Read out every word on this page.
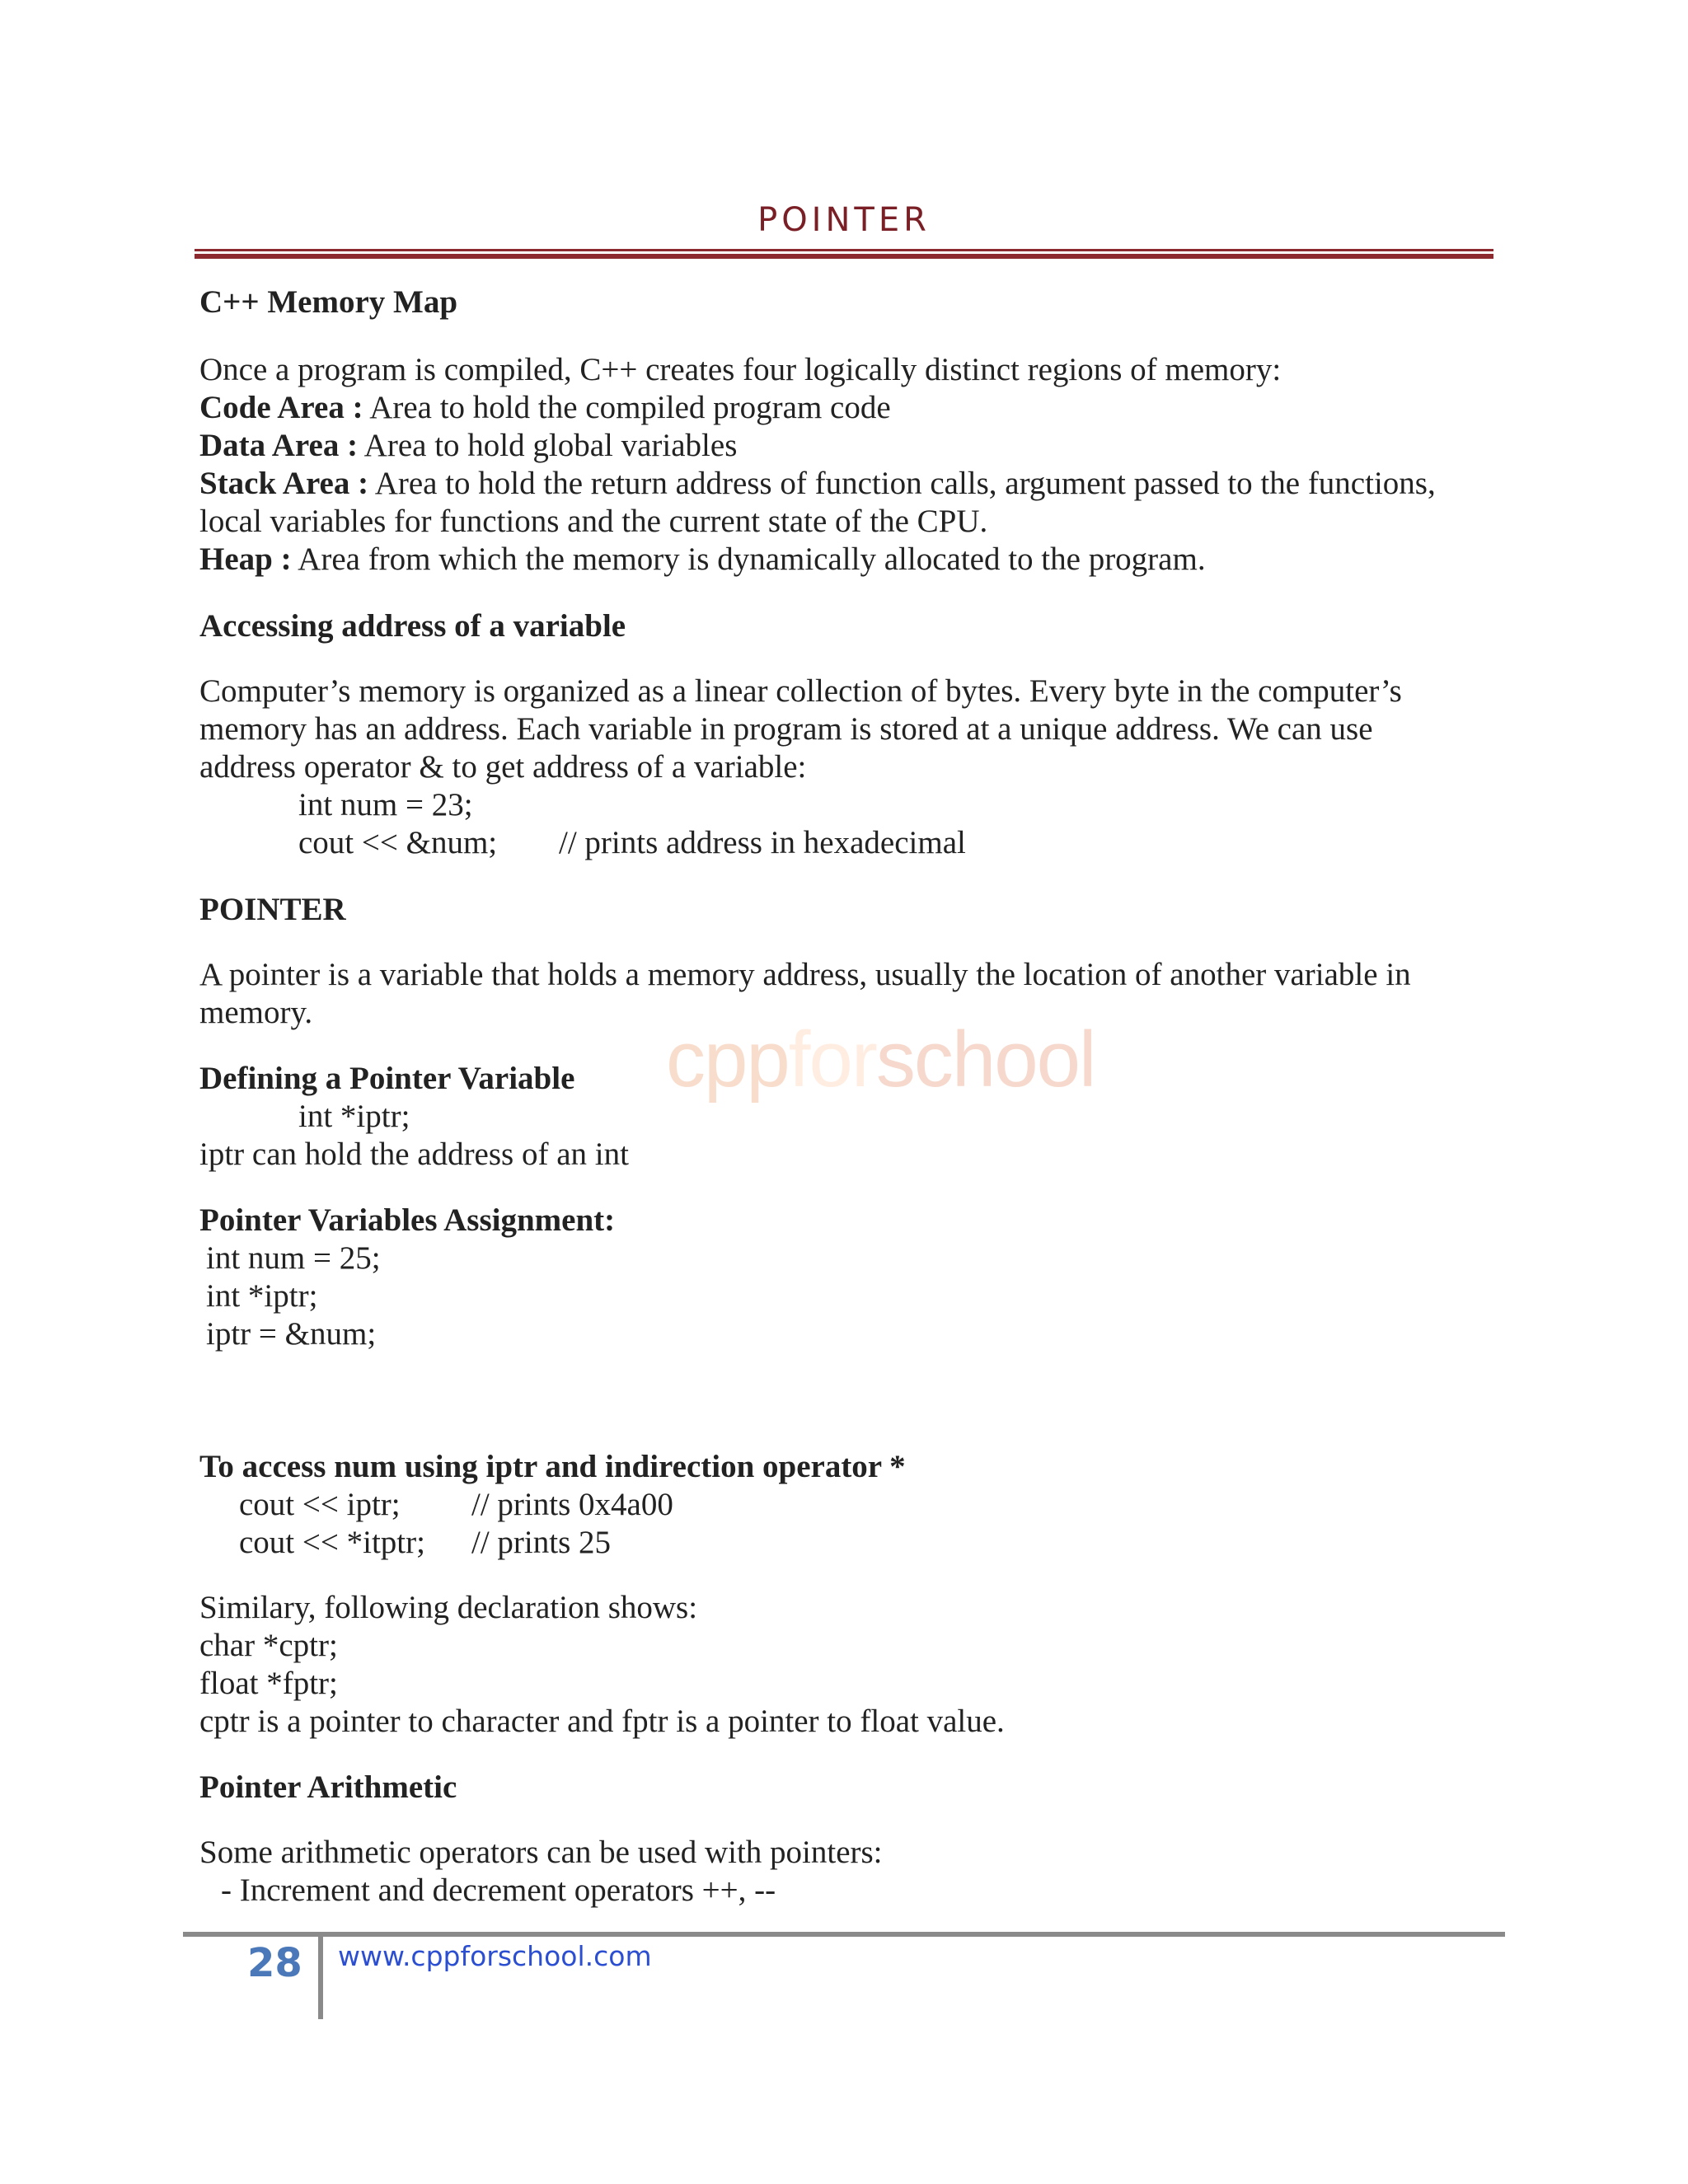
POINTER
cppforschool
C++ Memory Map
Once a program is compiled, C++ creates four logically distinct regions of memory:
Code Area : Area to hold the compiled program code
Data Area : Area to hold global variables
Stack Area : Area to hold the return address of function calls, argument passed to the functions,
local variables for functions and the current state of the CPU.
Heap : Area from which the memory is dynamically allocated to the program.
Accessing address of a variable
Computer’s memory is organized as a linear collection of bytes. Every byte in the computer’s
memory has an address. Each variable in program is stored at a unique address. We can use
address operator & to get address of a variable:
int num = 23;
cout << &num; // prints address in hexadecimal
POINTER
A pointer is a variable that holds a memory address, usually the location of another variable in
memory.
Defining a Pointer Variable
int *iptr;
iptr can hold the address of an int
Pointer Variables Assignment:
int num = 25;
int *iptr;
iptr = &num;
To access num using iptr and indirection operator *
cout << iptr; // prints 0x4a00
cout << *itptr; // prints 25
Similary, following declaration shows:
char *cptr;
float *fptr;
cptr is a pointer to character and fptr is a pointer to float value.
Pointer Arithmetic
Some arithmetic operators can be used with pointers:
- Increment and decrement operators ++, --
28 www.cppforschool.com
